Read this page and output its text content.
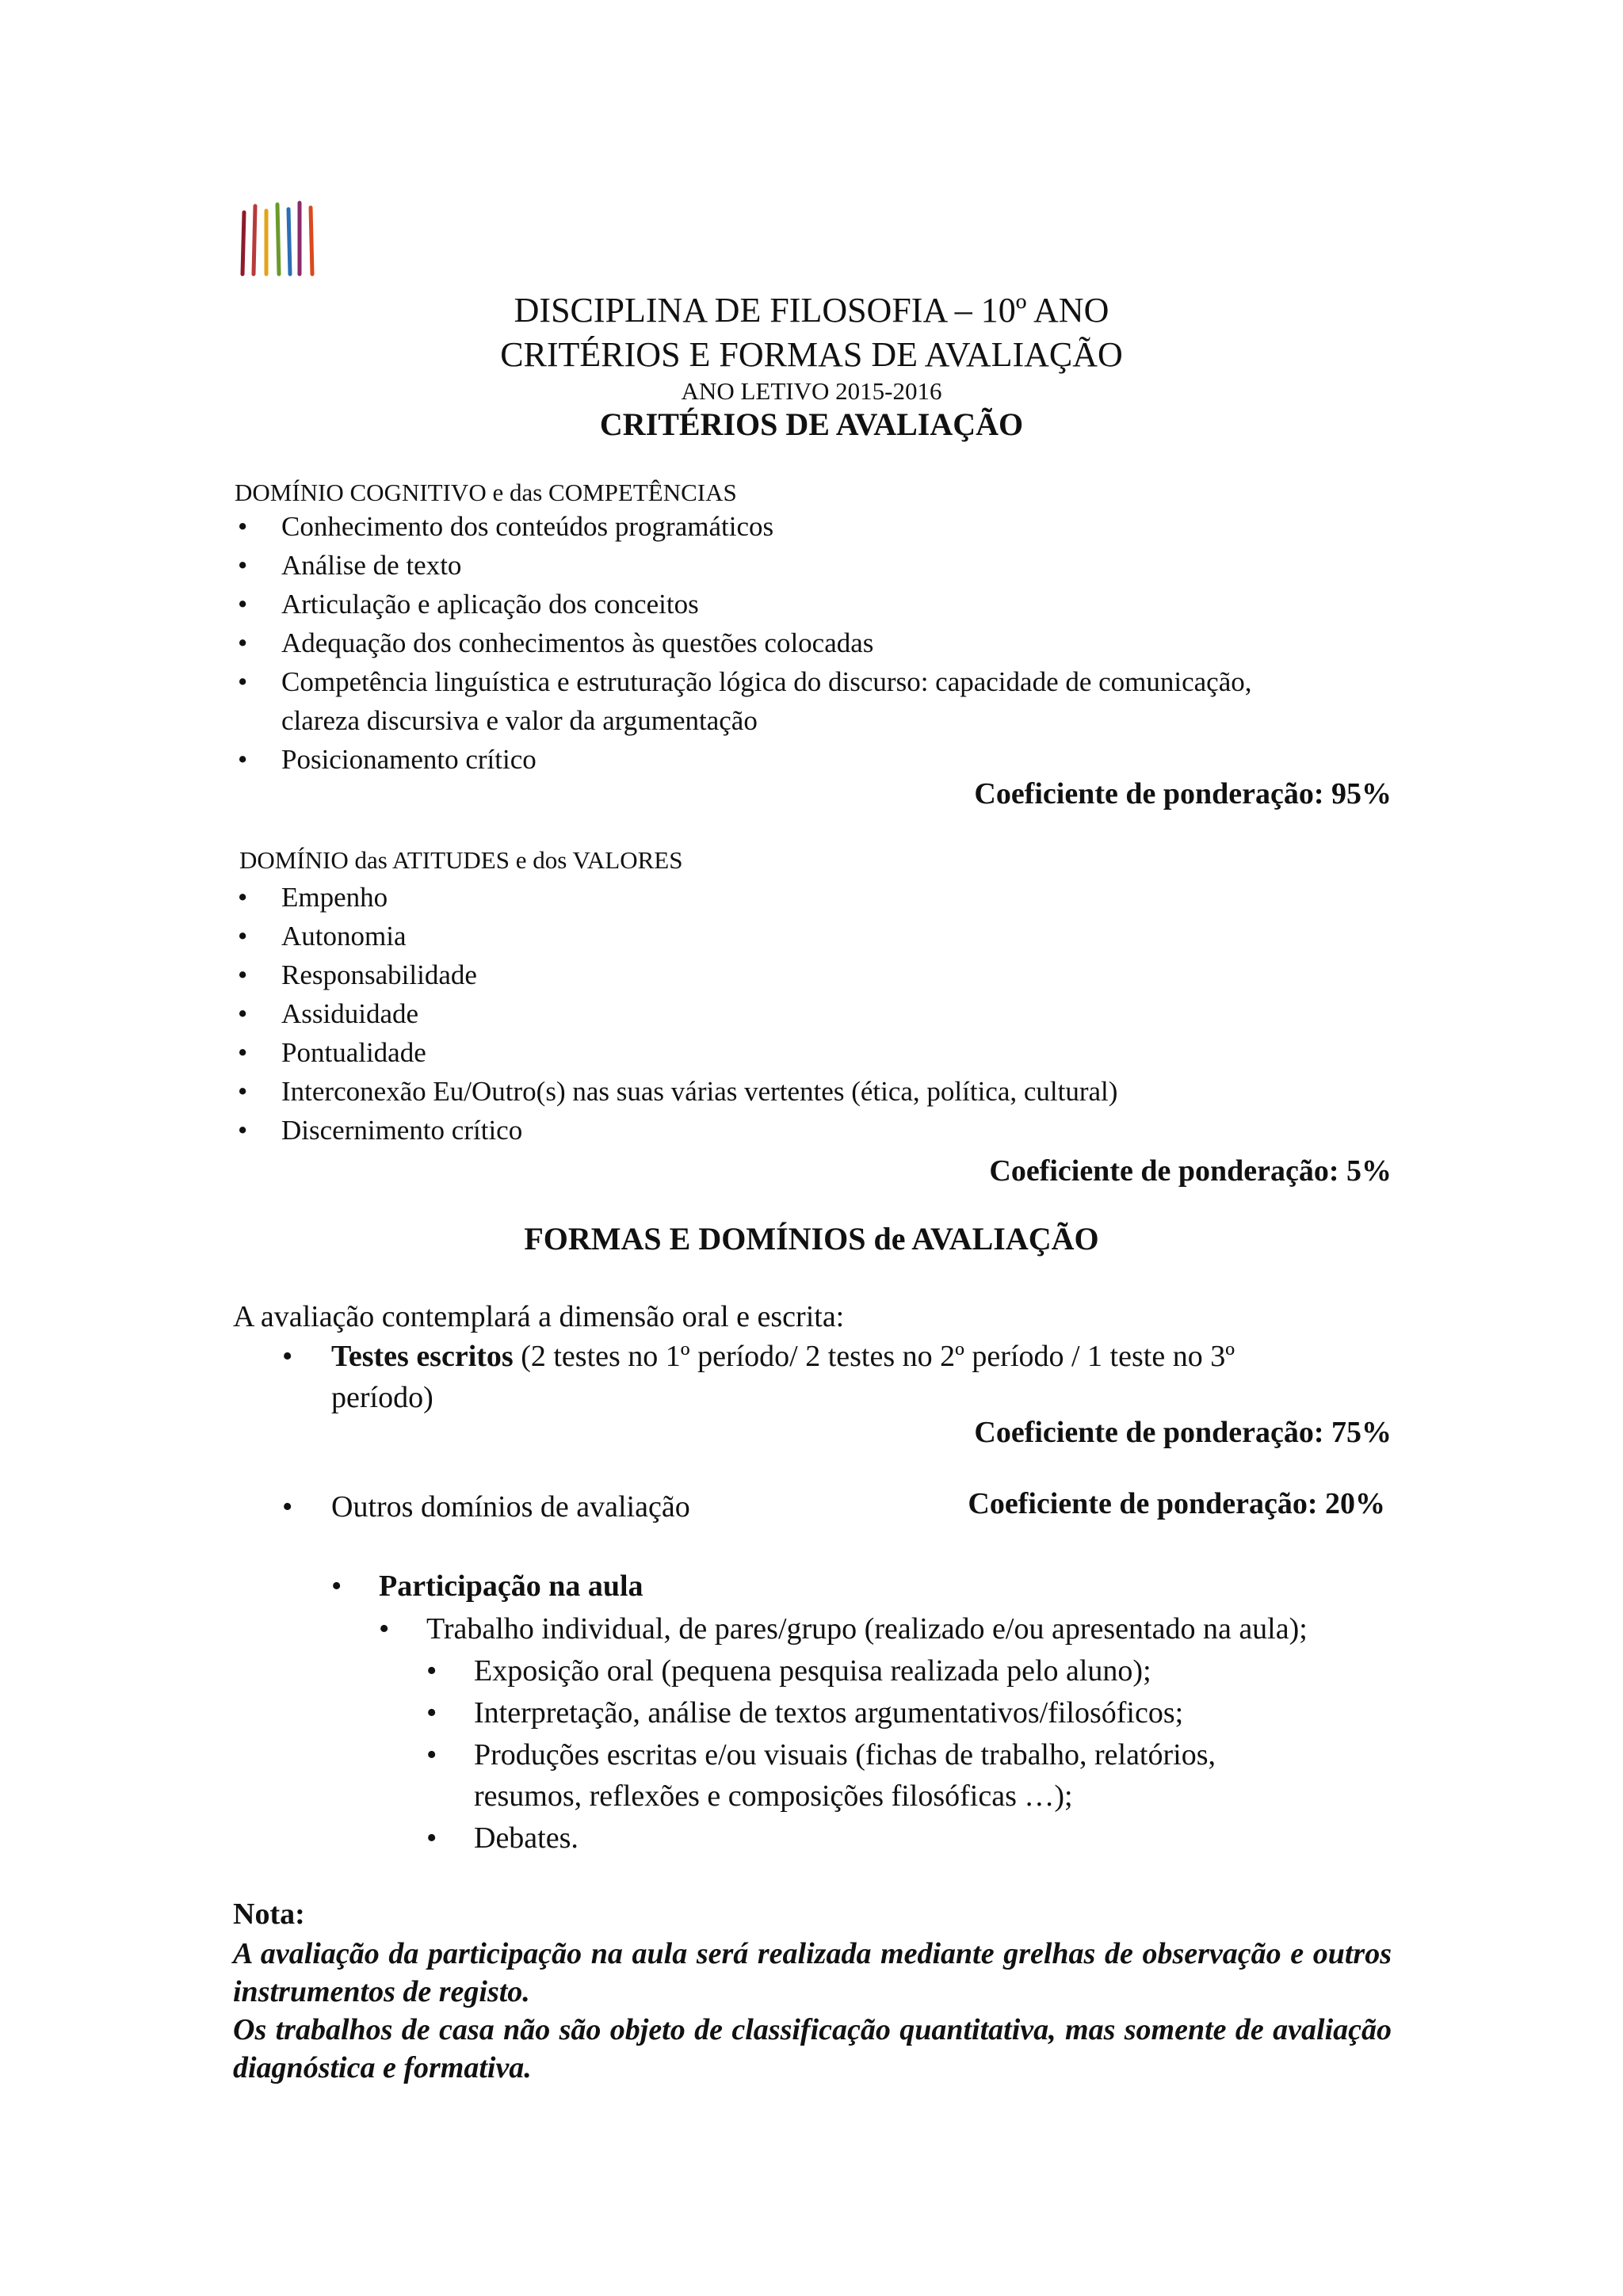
DISCIPLINA DE FILOSOFIA – 10º ANO
CRITÉRIOS E FORMAS DE AVALIAÇÃO
ANO LETIVO 2015-2016
CRITÉRIOS DE AVALIAÇÃO
DOMÍNIO COGNITIVO e das COMPETÊNCIAS
• Conhecimento dos conteúdos programáticos
• Análise de texto
• Articulação e aplicação dos conceitos
• Adequação dos conhecimentos às questões colocadas
• Competência linguística e estruturação lógica do discurso: capacidade de comunicação,
clareza discursiva e valor da argumentação
• Posicionamento crítico
Coeficiente de ponderação: 95%
DOMÍNIO das ATITUDES e dos VALORES
• Empenho
• Autonomia
• Responsabilidade
• Assiduidade
• Pontualidade
• Interconexão Eu/Outro(s) nas suas várias vertentes (ética, política, cultural)
• Discernimento crítico
Coeficiente de ponderação: 5%
FORMAS E DOMÍNIOS de AVALIAÇÃO
A avaliação contemplará a dimensão oral e escrita:
• Testes escritos (2 testes no 1º período/ 2 testes no 2º período / 1 teste no 3º
período)
Coeficiente de ponderação: 75%
• Outros domínios de avaliação	Coeficiente de ponderação: 20%
• Participação na aula
• Trabalho individual, de pares/grupo (realizado e/ou apresentado na aula);
• Exposição oral (pequena pesquisa realizada pelo aluno);
• Interpretação, análise de textos argumentativos/filosóficos;
• Produções escritas e/ou visuais (fichas de trabalho, relatórios,
resumos, reflexões e composições filosóficas …);
• Debates.
Nota:
A avaliação da participação na aula será realizada mediante grelhas de observação e outros instrumentos de registo.
Os trabalhos de casa não são objeto de classificação quantitativa, mas somente de avaliação diagnóstica e formativa.
